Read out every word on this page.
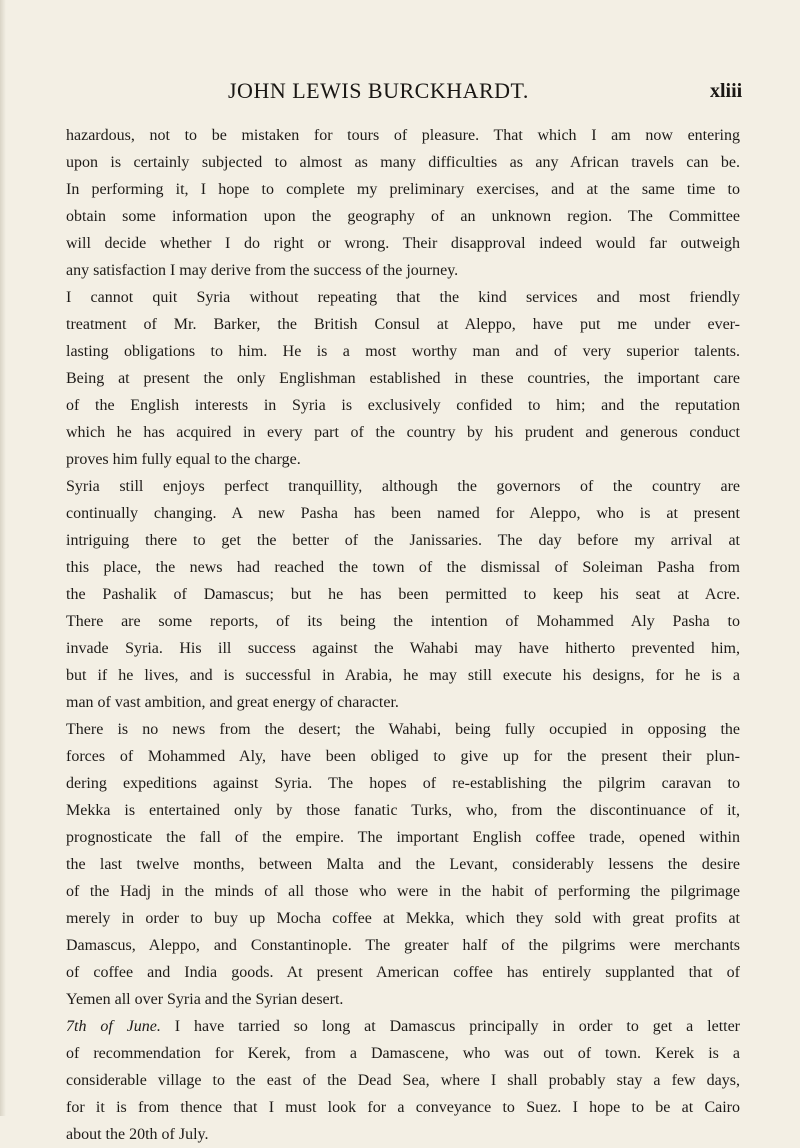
JOHN LEWIS BURCKHARDT.	xliii
hazardous, not to be mistaken for tours of pleasure. That which I am now entering
upon is certainly subjected to almost as many difficulties as any African travels can be.
In performing it, I hope to complete my preliminary exercises, and at the same time to
obtain some information upon the geography of an unknown region. The Committee
will decide whether I do right or wrong. Their disapproval indeed would far outweigh
any satisfaction I may derive from the success of the journey.
I cannot quit Syria without repeating that the kind services and most friendly
treatment of Mr. Barker, the British Consul at Aleppo, have put me under ever-
lasting obligations to him. He is a most worthy man and of very superior talents.
Being at present the only Englishman established in these countries, the important care
of the English interests in Syria is exclusively confided to him; and the reputation
which he has acquired in every part of the country by his prudent and generous conduct
proves him fully equal to the charge.
Syria still enjoys perfect tranquillity, although the governors of the country are
continually changing. A new Pasha has been named for Aleppo, who is at present
intriguing there to get the better of the Janissaries. The day before my arrival at
this place, the news had reached the town of the dismissal of Soleiman Pasha from
the Pashalik of Damascus; but he has been permitted to keep his seat at Acre.
There are some reports, of its being the intention of Mohammed Aly Pasha to
invade Syria. His ill success against the Wahabi may have hitherto prevented him,
but if he lives, and is successful in Arabia, he may still execute his designs, for he is a
man of vast ambition, and great energy of character.
There is no news from the desert; the Wahabi, being fully occupied in opposing the
forces of Mohammed Aly, have been obliged to give up for the present their plun-
dering expeditions against Syria. The hopes of re-establishing the pilgrim caravan to
Mekka is entertained only by those fanatic Turks, who, from the discontinuance of it,
prognosticate the fall of the empire. The important English coffee trade, opened within
the last twelve months, between Malta and the Levant, considerably lessens the desire
of the Hadj in the minds of all those who were in the habit of performing the pilgrimage
merely in order to buy up Mocha coffee at Mekka, which they sold with great profits at
Damascus, Aleppo, and Constantinople. The greater half of the pilgrims were merchants
of coffee and India goods. At present American coffee has entirely supplanted that of
Yemen all over Syria and the Syrian desert.
7th of June. I have tarried so long at Damascus principally in order to get a letter
of recommendation for Kerek, from a Damascene, who was out of town. Kerek is a
considerable village to the east of the Dead Sea, where I shall probably stay a few days,
for it is from thence that I must look for a conveyance to Suez. I hope to be at Cairo
about the 20th of July.
